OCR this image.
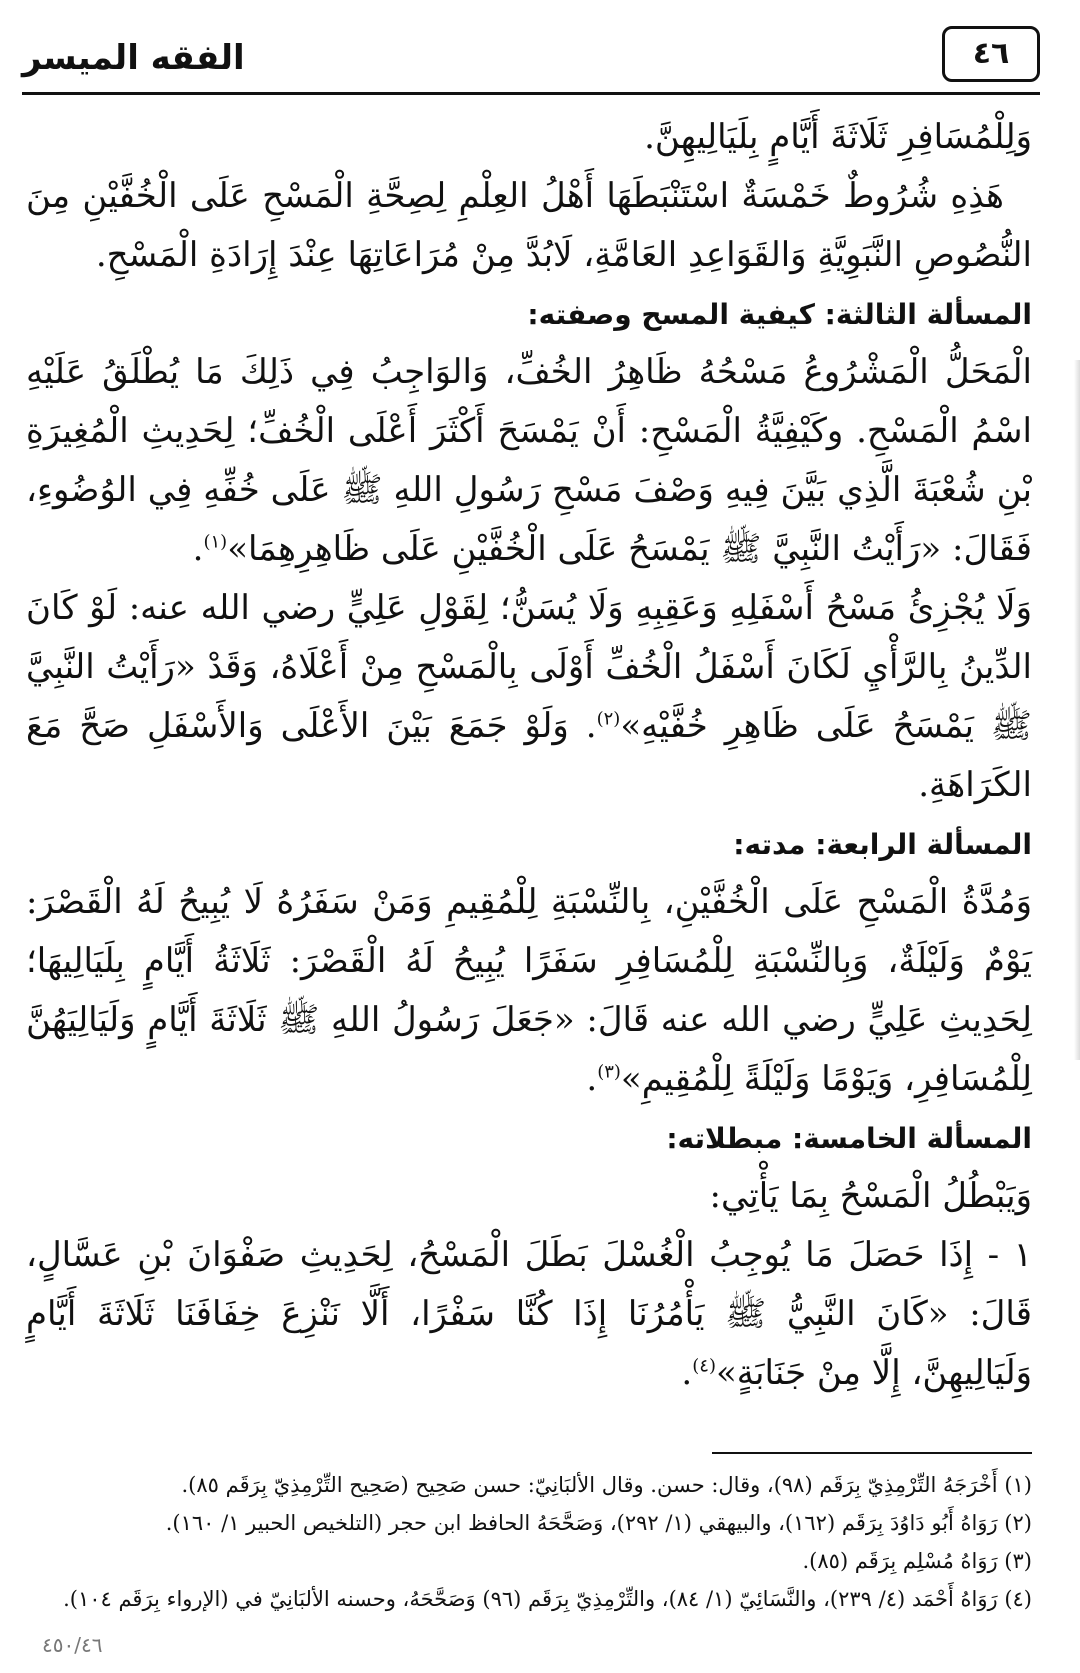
الفقه الميسر	٤٦

وَلِلْمُسَافِرِ ثَلَاثَةَ أَيَّامٍ بِلَيَالِيهِنَّ.

هَذِهِ شُرُوطٌ خَمْسَةٌ اسْتَنْبَطَهَا أَهْلُ العِلْمِ لِصِحَّةِ الْمَسْحِ عَلَى الْخُفَّيْنِ مِنَ النُّصُوصِ النَّبَوِيَّةِ وَالقَوَاعِدِ العَامَّةِ، لَابُدَّ مِنْ مُرَاعَاتِهَا عِنْدَ إِرَادَةِ الْمَسْحِ.

المسألة الثالثة: كيفية المسح وصفته:

الْمَحَلُّ الْمَشْرُوعُ مَسْحُهُ ظَاهِرُ الخُفِّ، وَالوَاجِبُ فِي ذَلِكَ مَا يُطْلَقُ عَلَيْهِ اسْمُ الْمَسْحِ. وكَيْفِيَّةُ الْمَسْحِ: أَنْ يَمْسَحَ أَكْثَرَ أَعْلَى الْخُفِّ؛ لِحَدِيثِ الْمُغِيرَةِ بْنِ شُعْبَةَ الَّذِي بَيَّنَ فِيهِ وَصْفَ مَسْحِ رَسُولِ اللهِ ﷺ عَلَى خُفِّهِ فِي الوُضُوءِ، فَقَالَ: «رَأَيْتُ النَّبِيَّ ﷺ يَمْسَحُ عَلَى الْخُفَّيْنِ عَلَى ظَاهِرِهِمَا»$^{(١)}$.

وَلَا يُجْزِئُ مَسْحُ أَسْفَلِهِ وَعَقِبِهِ وَلَا يُسَنُّ؛ لِقَوْلِ عَلِيٍّ رضي الله عنه: لَوْ كَانَ الدِّينُ بِالرَّأْيِ لَكَانَ أَسْفَلُ الْخُفِّ أَوْلَى بِالْمَسْحِ مِنْ أَعْلَاهُ، وَقَدْ «رَأَيْتُ النَّبِيَّ ﷺ يَمْسَحُ عَلَى ظَاهِرِ خُفَّيْهِ»$^{(٢)}$. وَلَوْ جَمَعَ بَيْنَ الأَعْلَى وَالأَسْفَلِ صَحَّ مَعَ الكَرَاهَةِ.

المسألة الرابعة: مدته:

وَمُدَّةُ الْمَسْحِ عَلَى الْخُفَّيْنِ، بِالنِّسْبَةِ لِلْمُقِيمِ وَمَنْ سَفَرُهُ لَا يُبِيحُ لَهُ الْقَصْرَ: يَوْمٌ وَلَيْلَةٌ، وَبِالنِّسْبَةِ لِلْمُسَافِرِ سَفَرًا يُبِيحُ لَهُ الْقَصْرَ: ثَلَاثَةُ أَيَّامٍ بِلَيَالِيهَا؛ لِحَدِيثِ عَلِيٍّ رضي الله عنه قَالَ: «جَعَلَ رَسُولُ اللهِ ﷺ ثَلَاثَةَ أَيَّامٍ وَلَيَالِيَهُنَّ لِلْمُسَافِرِ، وَيَوْمًا وَلَيْلَةً لِلْمُقِيمِ»$^{(٣)}$.

المسألة الخامسة: مبطلاته:

وَيَبْطُلُ الْمَسْحُ بِمَا يَأْتِي:

١ - إِذَا حَصَلَ مَا يُوجِبُ الْغُسْلَ بَطَلَ الْمَسْحُ، لِحَدِيثِ صَفْوَانَ بْنِ عَسَّالٍ، قَالَ: «كَانَ النَّبِيُّ ﷺ يَأْمُرُنَا إِذَا كُنَّا سَفْرًا، أَلَّا نَنْزِعَ خِفَافَنَا ثَلَاثَةَ أَيَّامٍ وَلَيَالِيهِنَّ، إِلَّا مِنْ جَنَابَةٍ»$^{(٤)}$.

(١) أَخْرَجَهُ التِّرْمِذِيّ بِرَقَم (٩٨)، وقال: حسن. وقال الألبَانِيّ: حسن صَحِيح (صَحِيح التِّرْمِذِيّ بِرَقَم ٨٥).
(٢) رَوَاهُ أَبُو دَاوُدَ بِرَقَم (١٦٢)، والبيهقي (١/ ٢٩٢)، وَصَحَّحَهُ الحافظ ابن حجر (التلخيص الحبير ١/ ١٦٠).
(٣) رَوَاهُ مُسْلِم بِرَقَم (٨٥).
(٤) رَوَاهُ أَحْمَد (٤/ ٢٣٩)، والنَّسَائِيّ (١/ ٨٤)، والتِّرْمِذِيّ بِرَقَم (٩٦) وَصَحَّحَهُ، وحسنه الألبَانِيّ في (الإرواء بِرَقَم ١٠٤).
٤٥٠/٤٦
